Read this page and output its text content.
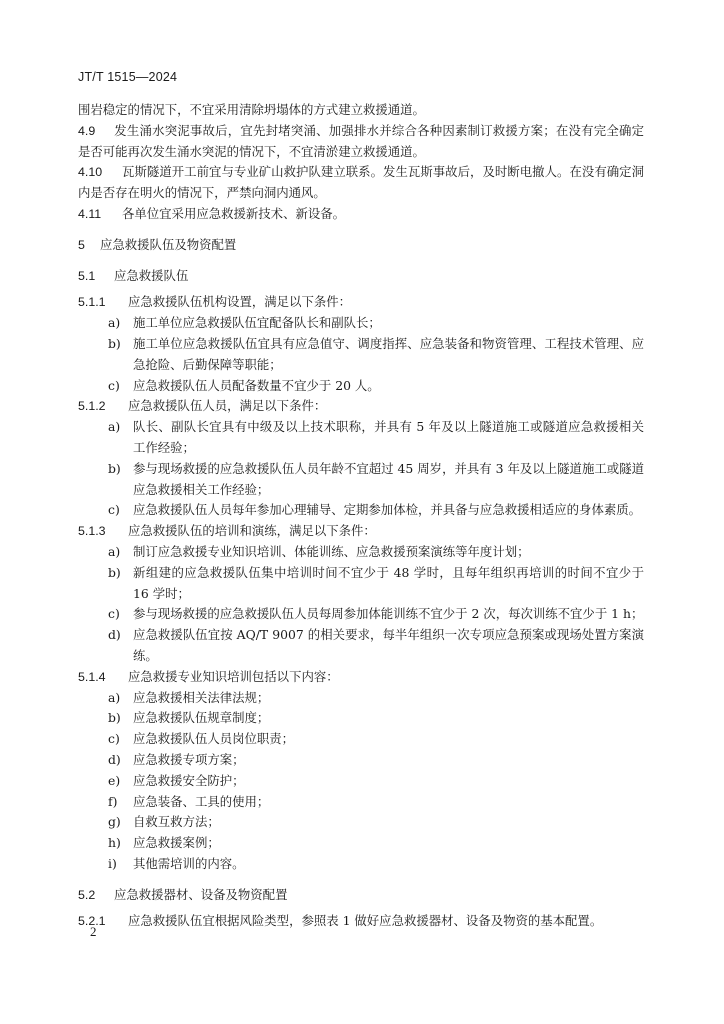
JT/T 1515—2024
围岩稳定的情况下，不宜采用清除坍塌体的方式建立救援通道。
4.9 发生涌水突泥事故后，宜先封堵突涌、加强排水并综合各种因素制订救援方案；在没有完全确定是否可能再次发生涌水突泥的情况下，不宜清淤建立救援通道。
4.10 瓦斯隧道开工前宜与专业矿山救护队建立联系。发生瓦斯事故后，及时断电撤人。在没有确定洞内是否存在明火的情况下，严禁向洞内通风。
4.11 各单位宜采用应急救援新技术、新设备。
5 应急救援队伍及物资配置
5.1 应急救援队伍
5.1.1 应急救援队伍机构设置，满足以下条件：
a)	施工单位应急救援队伍宜配备队长和副队长；
b) 施工单位应急救援队伍宜具有应急值守、调度指挥、应急装备和物资管理、工程技术管理、应急抢险、后勤保障等职能；
c)	应急救援队伍人员配备数量不宜少于 20 人。
5.1.2 应急救援队伍人员，满足以下条件：
a)	队长、副队长宜具有中级及以上技术职称，并具有 5 年及以上隧道施工或隧道应急救援相关工作经验；
b) 参与现场救援的应急救援队伍人员年龄不宜超过 45 周岁，并具有 3 年及以上隧道施工或隧道应急救援相关工作经验；
c)	应急救援队伍人员每年参加心理辅导、定期参加体检，并具备与应急救援相适应的身体素质。
5.1.3 应急救援队伍的培训和演练，满足以下条件：
a)	制订应急救援专业知识培训、体能训练、应急救援预案演练等年度计划；
b) 新组建的应急救援队伍集中培训时间不宜少于 48 学时，且每年组织再培训的时间不宜少于 16 学时；
c)	参与现场救援的应急救援队伍人员每周参加体能训练不宜少于 2 次，每次训练不宜少于 1 h；
d) 应急救援队伍宜按 AQ/T 9007 的相关要求，每半年组织一次专项应急预案或现场处置方案演练。
5.1.4 应急救援专业知识培训包括以下内容：
a)	应急救援相关法律法规；
b) 应急救援队伍规章制度；
c)	应急救援队伍人员岗位职责；
d) 应急救援专项方案；
e)	应急救援安全防护；
f)	应急装备、工具的使用；
g) 自救互救方法；
h) 应急救援案例；
i)	其他需培训的内容。
5.2 应急救援器材、设备及物资配置
5.2.1 应急救援队伍宜根据风险类型，参照表 1 做好应急救援器材、设备及物资的基本配置。
2
